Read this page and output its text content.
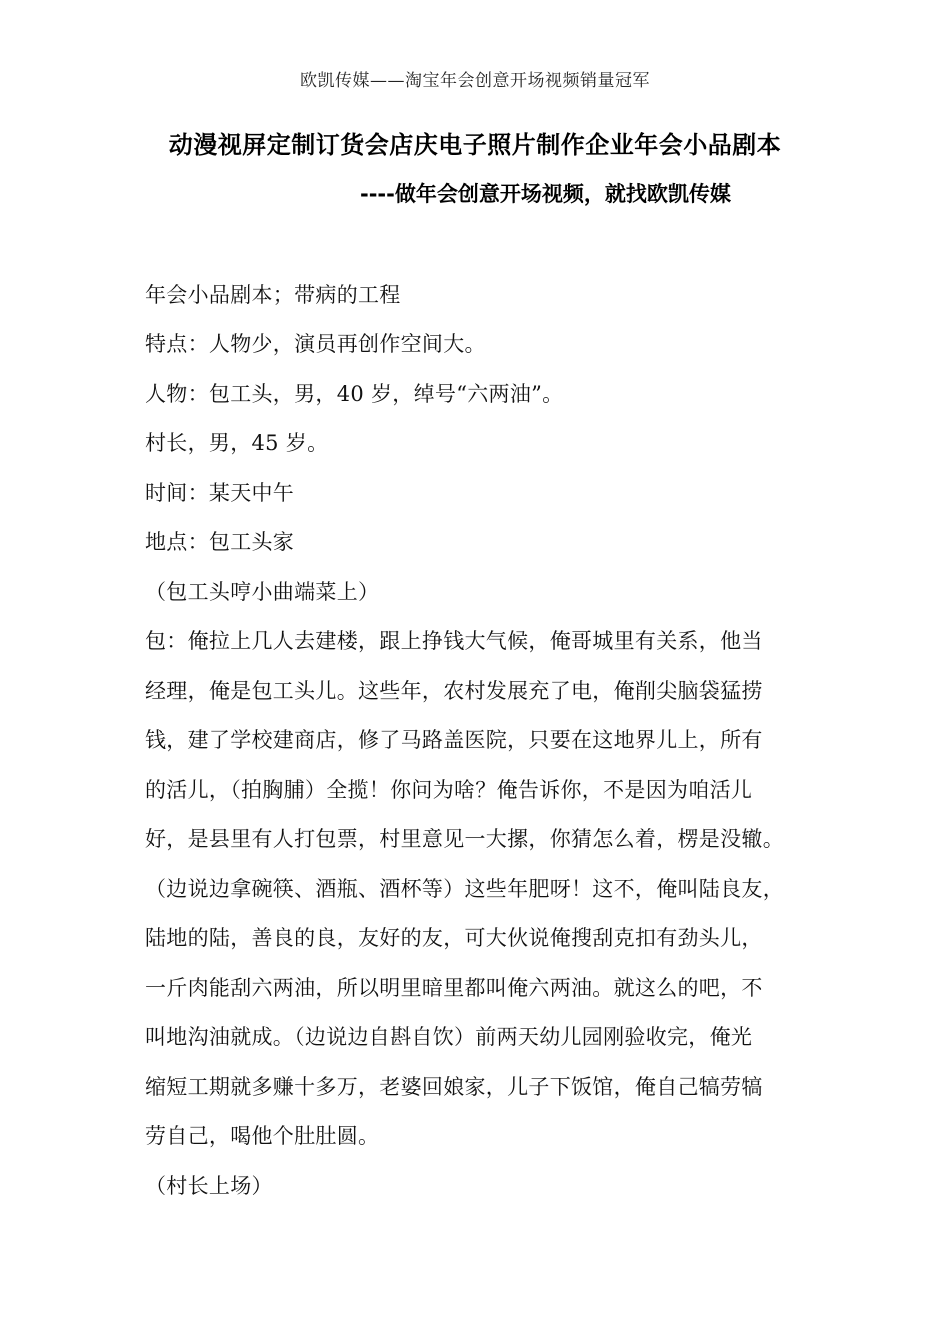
欧凯传媒——淘宝年会创意开场视频销量冠军
动漫视屏定制订货会店庆电子照片制作企业年会小品剧本
----做年会创意开场视频，就找欧凯传媒
年会小品剧本；带病的工程
特点：人物少，演员再创作空间大。
人物：包工头，男，40 岁，绰号“六两油”。
村长，男，45 岁。
时间：某天中午
地点：包工头家
（包工头哼小曲端菜上）
包：俺拉上几人去建楼，跟上挣钱大气候，俺哥城里有关系，他当
经理，俺是包工头儿。这些年，农村发展充了电，俺削尖脑袋猛捞
钱，建了学校建商店，修了马路盖医院，只要在这地界儿上，所有
的活儿，（拍胸脯）全揽！你问为啥？俺告诉你，不是因为咱活儿
好，是县里有人打包票，村里意见一大摞，你猜怎么着，楞是没辙。
（边说边拿碗筷、酒瓶、酒杯等）这些年肥呀！这不，俺叫陆良友，
陆地的陆，善良的良，友好的友，可大伙说俺搜刮克扣有劲头儿，
一斤肉能刮六两油，所以明里暗里都叫俺六两油。就这么的吧，不
叫地沟油就成。（边说边自斟自饮）前两天幼儿园刚验收完，俺光
缩短工期就多赚十多万，老婆回娘家，儿子下饭馆，俺自己犒劳犒
劳自己，喝他个肚肚圆。
（村长上场）
